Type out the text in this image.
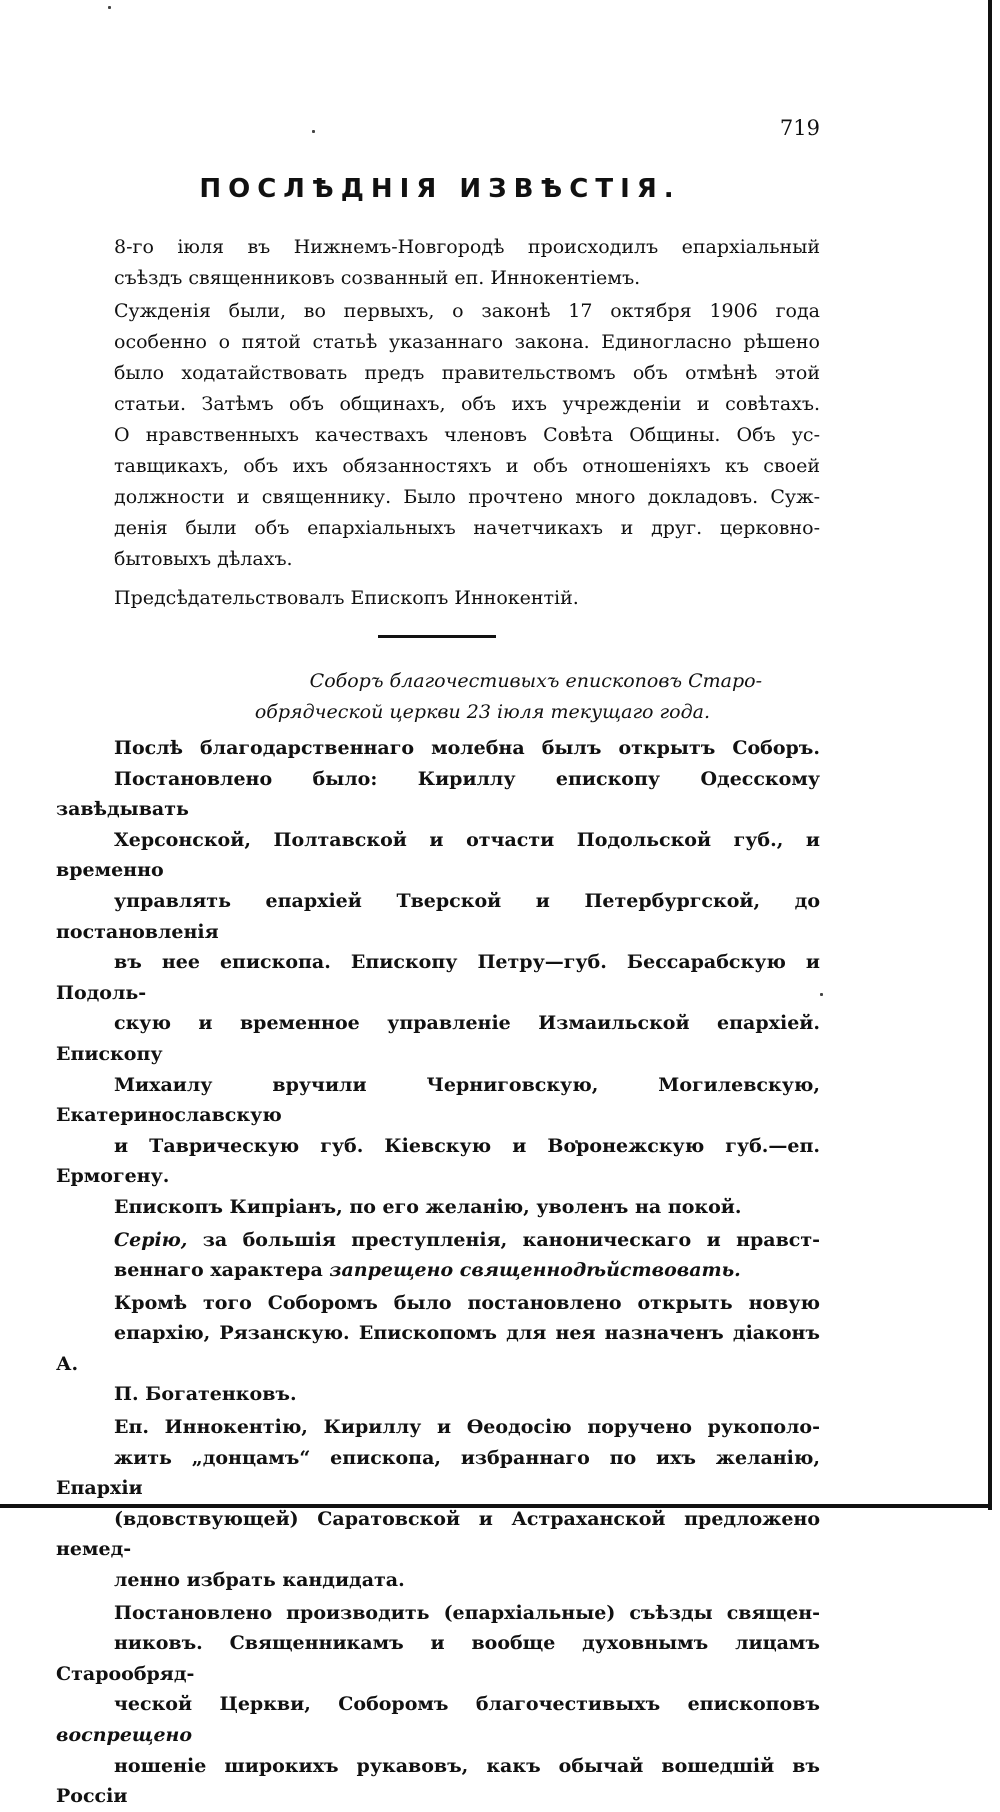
719
ПОСЛѢДНІЯ ИЗВѢСТІЯ.

8-го іюля въ Нижнемъ-Новгородѣ происходилъ епархіальный
съѣздъ священниковъ созванный еп. Иннокентіемъ.

Сужденія были, во первыхъ, о законѣ 17 октября 1906 года
особенно о пятой статьѣ указаннаго закона. Единогласно рѣшено
было ходатайствовать предъ правительствомъ объ отмѣнѣ этой
статьи. Затѣмъ объ общинахъ, объ ихъ учрежденіи и совѣтахъ.
О нравственныхъ качествахъ членовъ Совѣта Общины. Объ ус-
тавщикахъ, объ ихъ обязанностяхъ и объ отношеніяхъ къ своей
должности и священнику. Было прочтено много докладовъ. Суж-
денія были объ епархіальныхъ начетчикахъ и друг. церковно-
бытовыхъ дѣлахъ.

Предсѣдательствовалъ Епископъ Иннокентій.

Соборъ благочестивыхъ епископовъ Старо-
обрядческой церкви 23 іюля текущаго года.

Послѣ благодарственнаго молебна былъ открытъ Соборъ.
Постановлено было: Кириллу епископу Одесскому завѣдывать
Херсонской, Полтавской и отчасти Подольской губ., и временно
управлять епархіей Тверской и Петербургской, до постановленія
въ нее епископа. Епископу Петру—губ. Бессарабскую и Подоль-
скую и временное управленіе Измаильской епархіей. Епископу
Михаилу вручили Черниговскую, Могилевскую, Екатеринославскую
и Таврическую губ. Кіевскую и Воронежскую губ.—еп. Ермогену.

Епископъ Кипріанъ, по его желанію, уволенъ на покой.

Серію, за большія преступленія, каноническаго и нравст-
веннаго характера запрещено священнодѣйствовать.

Кромѣ того Соборомъ было постановлено открыть новую
епархію, Рязанскую. Епископомъ для нея назначенъ діаконъ А.
П. Богатенковъ.

Еп. Иннокентію, Кириллу и Ѳеодосію поручено рукополо-
жить „донцамъ“ епископа, избраннаго по ихъ желанію, Епархіи
(вдовствующей) Саратовской и Астраханской предложено немед-
ленно избрать кандидата.

Постановлено производить (епархіальные) съѣзды священ-
никовъ. Священникамъ и вообще духовнымъ лицамъ Старообряд-
ческой Церкви, Соборомъ благочестивыхъ епископовъ воспрещено
ношеніе широкихъ рукавовъ, какъ обычай вошедшій въ Россіи
